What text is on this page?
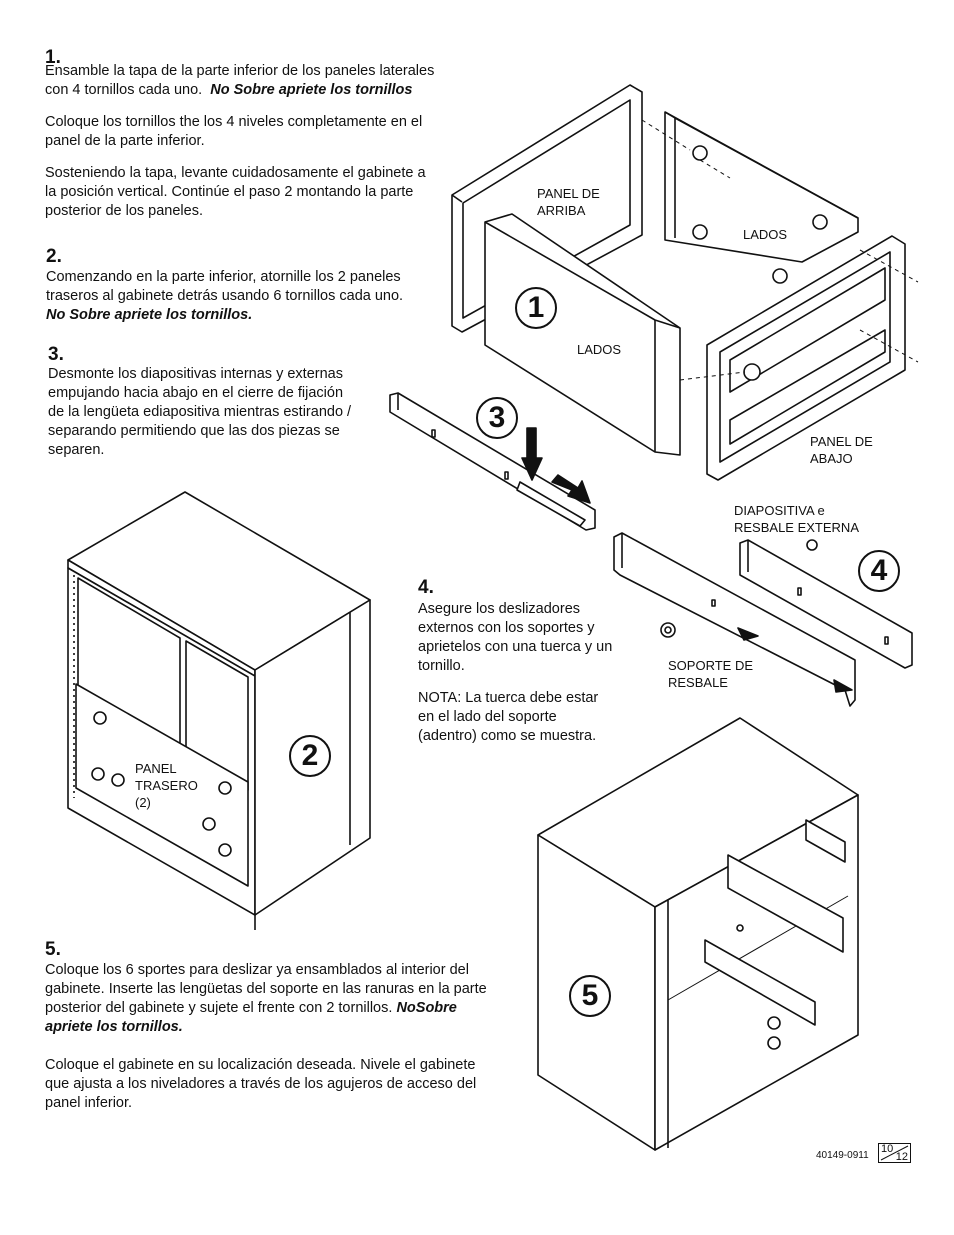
1.

Ensamble la tapa de la parte inferior de los paneles laterales con 4 tornillos cada uno. No Sobre apriete los tornillos

Coloque los tornillos the los 4 niveles completamente en el panel de la parte inferior.

Sosteniendo la tapa, levante cuidadosamente el gabinete a la posición vertical. Continúe el paso 2 montando la parte posterior de los paneles.

2.

Comenzando en la parte inferior, atornille los 2 paneles traseros al gabinete detrás usando 6 tornillos cada uno. No Sobre apriete los tornillos.

3.

Desmonte los diapositivas internas y externas empujando hacia abajo en el cierre de fijación de la lengüeta ediapositiva mientras estirando / separando permitiendo que las dos piezas se separen.

4.

Asegure los deslizadores externos con los soportes y aprietelos con una tuerca y un tornillo.

NOTA: La tuerca debe estar en el lado del soporte (adentro) como se muestra.

5.

Coloque los 6 sportes para deslizar ya ensamblados al interior del gabinete. Inserte las lengüetas del soporte en las ranuras en la parte posterior del gabinete y sujete el frente con 2 tornillos. NoSobre apriete los tornillos.

Coloque el gabinete en su localización deseada. Nivele el gabinete que ajusta a los niveladores a través de los agujeros de acceso del panel inferior.

PANEL DE
ARRIBA
LADOS
LADOS
PANEL DE
ABAJO
DIAPOSITIVA e
RESBALE EXTERNA
SOPORTE DE
RESBALE
PANEL
TRASERO
(2)
1
2
3
4
5
40149-0911
10
12
